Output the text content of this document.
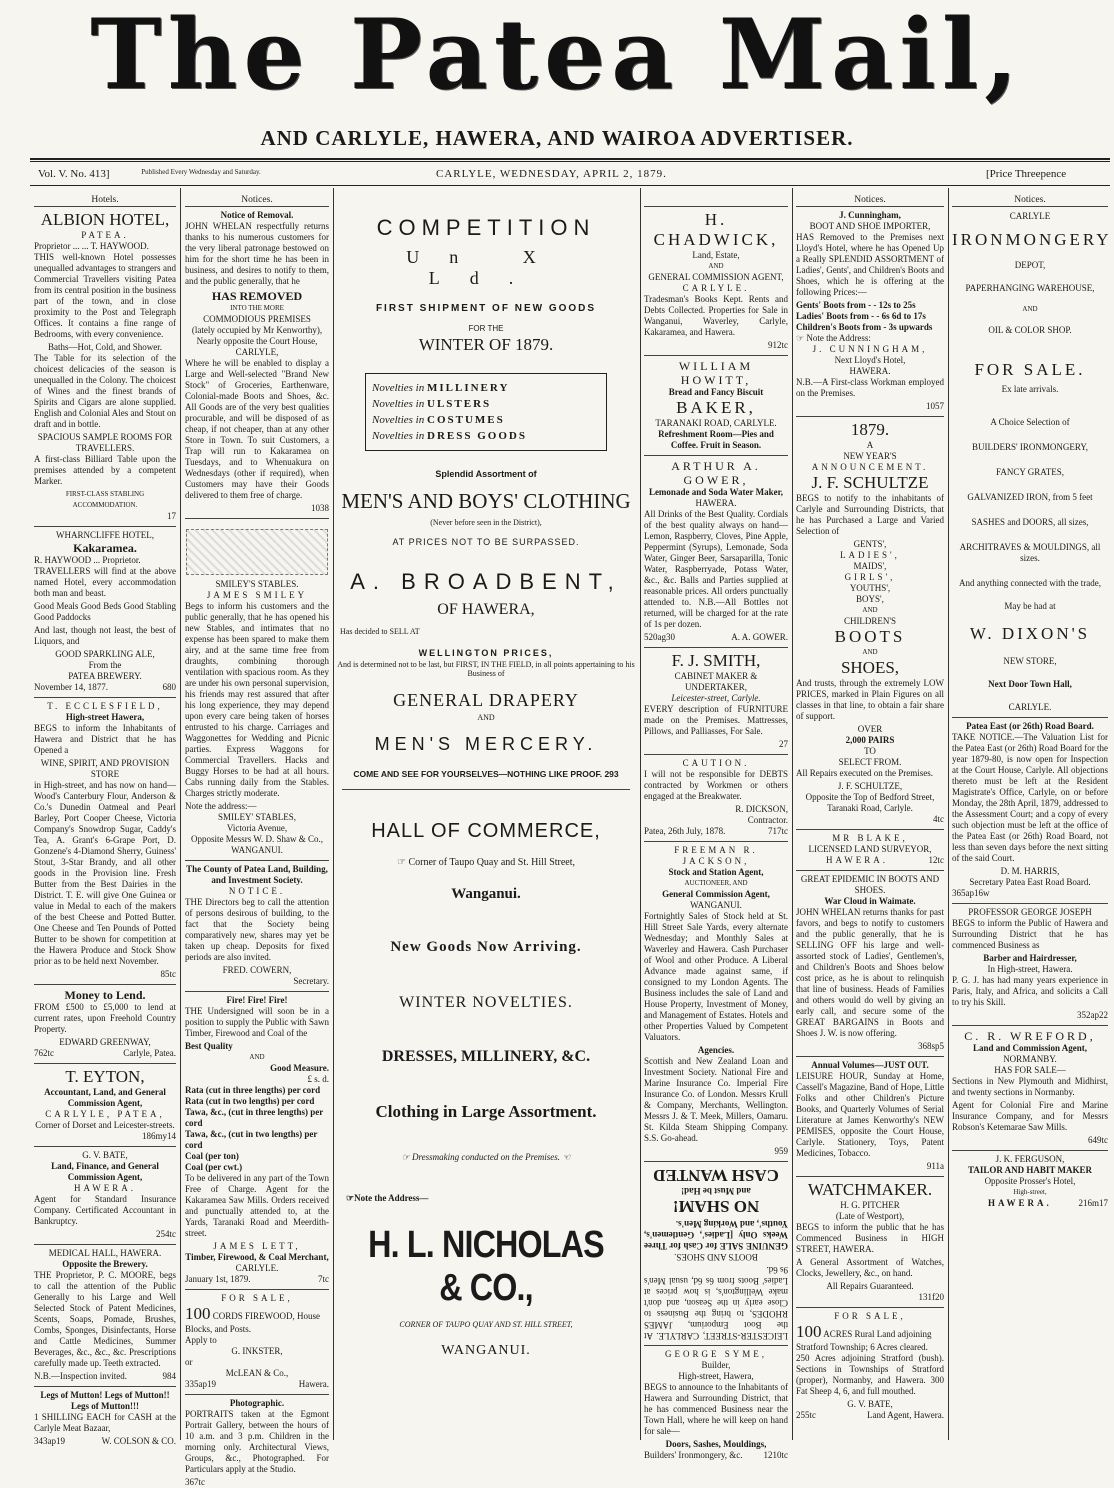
The Patea Mail,
AND CARLYLE, HAWERA, AND WAIROA ADVERTISER.
Vol. V. No. 413]	Published Every Wednesday and Saturday.	CARLYLE, WEDNESDAY, APRIL 2, 1879.	[Price Threepence
Hotels.
ALBION HOTEL,
PATEA.
Proprietor ... ... T. HAYWOOD.

THIS well-known Hotel possesses unequalled advantages to strangers and Commercial Travellers visiting Patea from its central position in the business part of the town, and in close proximity to the Post and Telegraph Offices. It contains a fine range of Bedrooms, with every convenience.

Baths—Hot, Cold, and Shower.

The Table for its selection of the choicest delicacies of the season is unequalled in the Colony. The choicest of Wines and the finest brands of Spirits and Cigars are alone supplied. English and Colonial Ales and Stout on draft and in bottle.

SPACIOUS SAMPLE ROOMS FOR TRAVELLERS.

A first-class Billiard Table upon the premises attended by a competent Marker.

FIRST-CLASS STABLING ACCOMMODATION.
17
WHARNCLIFFE HOTEL,
Kakaramea.
R. HAYWOOD ... Proprietor.

TRAVELLERS will find at the above named Hotel, every accommodation both man and beast.

Good Meals Good Beds Good Stabling Good Paddocks

And last, though not least, the best of Liquors, and

GOOD SPARKLING ALE,
From the
PATEA BREWERY.
November 14, 1877.	680
T. ECCLESFIELD,
High-street Hawera,

BEGS to inform the Inhabitants of Hawera and District that he has Opened a

WINE, SPIRIT, AND PROVISION STORE

in High-street, and has now on hand—Wood's Canterbury Flour, Anderson & Co.'s Dunedin Oatmeal and Pearl Barley, Port Cooper Cheese, Victoria Company's Snowdrop Sugar, Caddy's Tea, A. Grant's 6-Grape Port, D. Gonzene's 4-Diamond Sherry, Guiness' Stout, 3-Star Brandy, and all other goods in the Provision line. Fresh Butter from the Best Dairies in the District. T. E. will give One Guinea or value in Medal to each of the makers of the best Cheese and Potted Butter. One Cheese and Ten Pounds of Potted Butter to be shown for competition at the Hawera Produce and Stock Show prior as to be held next November.

85tc
Money to Lend.

FROM £500 to £5,000 to lend at current rates, upon Freehold Country Property.

EDWARD GREENWAY,
762tc	Carlyle, Patea.
T. EYTON,
Accountant, Land, and General Commission Agent,
CARLYLE, PATEA,
Corner of Dorset and Leicester-streets.
186my14
G. V. BATE,
Land, Finance, and General Commission Agent,
HAWERA.

Agent for Standard Insurance Company. Certificated Accountant in Bankruptcy.

254tc
MEDICAL HALL, HAWERA.
Opposite the Brewery.

THE Proprietor, P. C. MOORE, begs to call the attention of the Public Generally to his Large and Well Selected Stock of Patent Medicines, Scents, Soaps, Pomade, Brushes, Combs, Sponges, Disinfectants, Horse and Cattle Medicines, Summer Beverages, &c., &c., &c. Prescriptions carefully made up. Teeth extracted.

N.B.—Inspection invited.	984
Legs of Mutton! Legs of Mutton!! Legs of Mutton!!!

1 SHILLING EACH for CASH at the Carlyle Meat Bazaar,

343ap19	W. COLSON & CO.
Notices.
Notice of Removal.

JOHN WHELAN respectfully returns thanks to his numerous customers for the very liberal patronage bestowed on him for the short time he has been in business, and desires to notify to them, and the public generally, that he

HAS REMOVED
INTO THE MORE
COMMODIOUS PREMISES
(lately occupied by Mr Kenworthy), Nearly opposite the Court House,
CARLYLE,

Where he will be enabled to display a Large and Well-selected "Brand New Stock" of Groceries, Earthenware, Colonial-made Boots and Shoes, &c. All Goods are of the very best qualities procurable, and will be disposed of as cheap, if not cheaper, than at any other Store in Town. To suit Customers, a Trap will run to Kakaramea on Tuesdays, and to Whenuakura on Wednesdays (other if required), when Customers may have their Goods delivered to them free of charge.

1038
SMILEY'S STABLES.
JAMES SMILEY

Begs to inform his customers and the public generally, that he has opened his new Stables, and intimates that no expense has been spared to make them airy, and at the same time free from draughts, combining thorough ventilation with spacious room. As they are under his own personal supervision, his friends may rest assured that after his long experience, they may depend upon every care being taken of horses entrusted to his charge. Carriages and Waggonettes for Wedding and Picnic parties. Express Waggons for Commercial Travellers. Hacks and Buggy Horses to be had at all hours. Cabs running daily from the Stables. Charges strictly moderate.

Note the address:—
SMILEY' STABLES,
Victoria Avenue,
Opposite Messrs W. D. Shaw & Co.,
WANGANUI.
The County of Patea Land, Building, and Investment Society.
NOTICE.

THE Directors beg to call the attention of persons desirous of building, to the fact that the Society being comparatively new, shares may yet be taken up cheap. Deposits for fixed periods are also invited.

FRED. COWERN,
Secretary.
Fire! Fire! Fire!

THE Undersigned will soon be in a position to supply the Public with Sawn Timber, Firewood and Coal of the

Best Quality
AND
Good Measure.
£ s. d.
Rata (cut in three lengths) per cord
Rata (cut in two lengths) per cord
Tawa, &c., (cut in three lengths) per cord
Tawa, &c., (cut in two lengths) per cord
Coal (per ton)
Coal (per cwt.)

To be delivered in any part of the Town Free of Charge. Agent for the Kakaramea Saw Mills. Orders received and punctually attended to, at the Yards, Taranaki Road and Meerdith-street.

JAMES LETT,
Timber, Firewood, & Coal Merchant,
CARLYLE.
January 1st, 1879.	7tc
FOR SALE,
100 CORDS FIREWOOD, House Blocks, and Posts.
Apply to
G. INKSTER,
or
McLEAN & Co.,
335ap19	Hawera.
Photographic.

PORTRAITS taken at the Egmont Portrait Gallery, between the hours of 10 a.m. and 3 p.m. Children in the morning only. Architectural Views, Groups, &c., Photographed. For Particulars apply at the Studio.

367tc
COMPETITION
Un X Ld.
FIRST SHIPMENT OF NEW GOODS
FOR THE
WINTER OF 1879.
Novelties in MILLINERY
Novelties in ULSTERS
Novelties in COSTUMES
Novelties in DRESS GOODS
Splendid Assortment of
MEN'S AND BOYS' CLOTHING
(Never before seen in the District),
AT PRICES NOT TO BE SURPASSED.
A. BROADBENT,
OF HAWERA,
Has decided to SELL AT
WELLINGTON PRICES,
And is determined not to be last, but FIRST, IN THE FIELD, in all points appertaining to his Business of
GENERAL DRAPERY
AND
MEN'S MERCERY.
COME AND SEE FOR YOURSELVES—NOTHING LIKE PROOF. 293
HALL OF COMMERCE,
☞ Corner of Taupo Quay and St. Hill Street,
Wanganui.
New Goods Now Arriving.
WINTER NOVELTIES.
DRESSES, MILLINERY, &C.
Clothing in Large Assortment.
☞ Dressmaking conducted on the Premises. ☜
☞Note the Address—
H. L. NICHOLAS & CO.,
CORNER OF TAUPO QUAY AND ST. HILL STREET,
WANGANUI.
H. CHADWICK,
Land, Estate,
AND
GENERAL COMMISSION AGENT,
CARLYLE.

Tradesman's Books Kept. Rents and Debts Collected. Properties for Sale in Wanganui, Waverley, Carlyle, Kakaramea, and Hawera.

912tc
WILLIAM HOWITT,
Bread and Fancy Biscuit
BAKER,
TARANAKI ROAD, CARLYLE.
Refreshment Room—Pies and Coffee. Fruit in Season.
ARTHUR A. GOWER,
Lemonade and Soda Water Maker,
HAWERA.

All Drinks of the Best Quality. Cordials of the best quality always on hand—Lemon, Raspberry, Cloves, Pine Apple, Peppermint (Syrups), Lemonade, Soda Water, Ginger Beer, Sarsaparilla, Tonic Water, Raspberryade, Potass Water, &c., &c. Balls and Parties supplied at reasonable prices. All orders punctually attended to. N.B.—All Bottles not returned, will be charged for at the rate of 1s per dozen.

520ag30	A. A. GOWER.
F. J. SMITH,
CABINET MAKER & UNDERTAKER,
Leicester-street, Carlyle.

EVERY description of FURNITURE made on the Premises. Mattresses, Pillows, and Palliasses, For Sale.

27
CAUTION.

I will not be responsible for DEBTS contracted by Workmen or others engaged at the Breakwater.

R. DICKSON,
Contractor.
Patea, 26th July, 1878.	717tc
FREEMAN R. JACKSON,
Stock and Station Agent,
AUCTIONEER, AND
General Commission Agent,
WANGANUI.

Fortnightly Sales of Stock held at St. Hill Street Sale Yards, every alternate Wednesday; and Monthly Sales at Waverley and Hawera. Cash Purchaser of Wool and other Produce. A Liberal Advance made against same, if consigned to my London Agents. The Business includes the sale of Land and House Property, Investment of Money, and Management of Estates. Hotels and other Properties Valued by Competent Valuators.

Agencies.

Scottish and New Zealand Loan and Investment Society. National Fire and Marine Insurance Co. Imperial Fire Insurance Co. of London. Messrs Krull & Company, Merchants, Wellington. Messrs J. & T. Meek, Millers, Oamaru. St. Kilda Steam Shipping Company. S.S. Go-ahead.

959

LEICESTER-STREET, CARLYLE. At the Boot Emporium, JAMES RHODES, to bring the Business to Close early in the Season, and don't make Wellington's, is how prices at Ladies' Boots from 6s 6d, usual Men's 9s 6d.

BOOTS AND SHOES.

GENUINE SALE for Cash for Three Weeks Only [Ladies', Gentlemen's, Youths', and Working Men's.

NO SHAM!
and Must be Had!
CASH WANTED
GEORGE SYME,
Builder,
High-street, Hawera,

BEGS to announce to the Inhabitants of Hawera and Surrounding District, that he has commenced Business near the Town Hall, where he will keep on hand for sale—

Doors, Sashes, Mouldings,
Builders' Ironmongery, &c. 1210tc
Notices.
J. Cunningham,
BOOT AND SHOE IMPORTER,

HAS Removed to the Premises next Lloyd's Hotel, where he has Opened Up a Really SPLENDID ASSORTMENT of Ladies', Gents', and Children's Boots and Shoes, which he is offering at the following Prices:—

Gents' Boots from - - 12s to 25s
Ladies' Boots from - - 6s 6d to 17s
Children's Boots from - 3s upwards
☞ Note the Address:
J. CUNNINGHAM,
Next Lloyd's Hotel,
HAWERA.

N.B.—A First-class Workman employed on the Premises.

1057
1879.
A
NEW YEAR'S
ANNOUNCEMENT.
J. F. SCHULTZE

BEGS to notify to the inhabitants of Carlyle and Surrounding Districts, that he has Purchased a Large and Varied Selection of

GENTS',
LADIES',
MAIDS',
GIRLS',
YOUTHS',
BOYS',
AND
CHILDREN'S
BOOTS
AND
SHOES,

And trusts, through the extremely LOW PRICES, marked in Plain Figures on all classes in that line, to obtain a fair share of support.

OVER
2,000 PAIRS
TO
SELECT FROM.

All Repairs executed on the Premises.

J. F. SCHULTZE,
Opposite the Top of Bedford Street,
Taranaki Road, Carlyle.
4tc
MR BLAKE,
LICENSED LAND SURVEYOR,
HAWERA.	12tc
GREAT EPIDEMIC IN BOOTS AND SHOES.
War Cloud in Waimate.

JOHN WHELAN returns thanks for past favors, and begs to notify to customers and the public generally, that he is SELLING OFF his large and well-assorted stock of Ladies', Gentlemen's, and Children's Boots and Shoes below cost price, as he is about to relinquish that line of business. Heads of Families and others would do well by giving an early call, and secure some of the GREAT BARGAINS in Boots and Shoes J. W. is now offering.

368sp5
Annual Volumes—JUST OUT.

LEISURE HOUR, Sunday at Home, Cassell's Magazine, Band of Hope, Little Folks and other Children's Picture Books, and Quarterly Volumes of Serial Literature at James Kenworthy's NEW PEMISES, opposite the Court House, Carlyle. Stationery, Toys, Patent Medicines, Tobacco.

911a
WATCHMAKER.
H. G. PITCHER
(Late of Westport),

BEGS to inform the public that he has Commenced Business in HIGH STREET, HAWERA.

A General Assortment of Watches, Clocks, Jewellery, &c., on hand.

All Repairs Guaranteed.
131f20
FOR SALE,
100 ACRES Rural Land adjoining Stratford Township; 6 Acres cleared.

250 Acres adjoining Stratford (bush). Sections in Townships of Stratford (proper), Normanby, and Hawera. 300 Fat Sheep 4, 6, and full mouthed.

G. V. BATE,
255tc	Land Agent, Hawera.
Notices.
CARLYLE
IRONMONGERY
DEPOT,
PAPERHANGING WAREHOUSE,
AND
OIL & COLOR SHOP.
FOR SALE.
Ex late arrivals.
A Choice Selection of
BUILDERS' IRONMONGERY,
FANCY GRATES,
GALVANIZED IRON, from 5 feet
SASHES and DOORS, all sizes,
ARCHITRAVES & MOULDINGS, all sizes.
And anything connected with the trade,
May be had at
W. DIXON'S
NEW STORE,
Next Door Town Hall,
CARLYLE.
Patea East (or 26th) Road Board.

TAKE NOTICE.—The Valuation List for the Patea East (or 26th) Road Board for the year 1879-80, is now open for Inspection at the Court House, Carlyle. All objections thereto must be left at the Resident Magistrate's Office, Carlyle, on or before Monday, the 28th April, 1879, addressed to the Assessment Court; and a copy of every such objection must be left at the office of the Patea East (or 26th) Road Board, not less than seven days before the next sitting of the said Court.

D. M. HARRIS,
Secretary Patea East Road Board.
365ap16w
PROFESSOR GEORGE JOSEPH

BEGS to inform the Public of Hawera and Surrounding District that he has commenced Business as

Barber and Hairdresser,
In High-street, Hawera.

P. G. J. has had many years experience in Paris, Italy, and Africa, and solicits a Call to try his Skill.

352ap22
C. R. WREFORD,
Land and Commission Agent,
NORMANBY.
HAS FOR SALE—

Sections in New Plymouth and Midhirst, and twenty sections in Normanby.

Agent for Colonial Fire and Marine Insurance Company, and for Messrs Robson's Ketemarae Saw Mills.

649tc
J. K. FERGUSON,
TAILOR AND HABIT MAKER
Opposite Prosser's Hotel,
High-street,
HAWERA.	216m17
